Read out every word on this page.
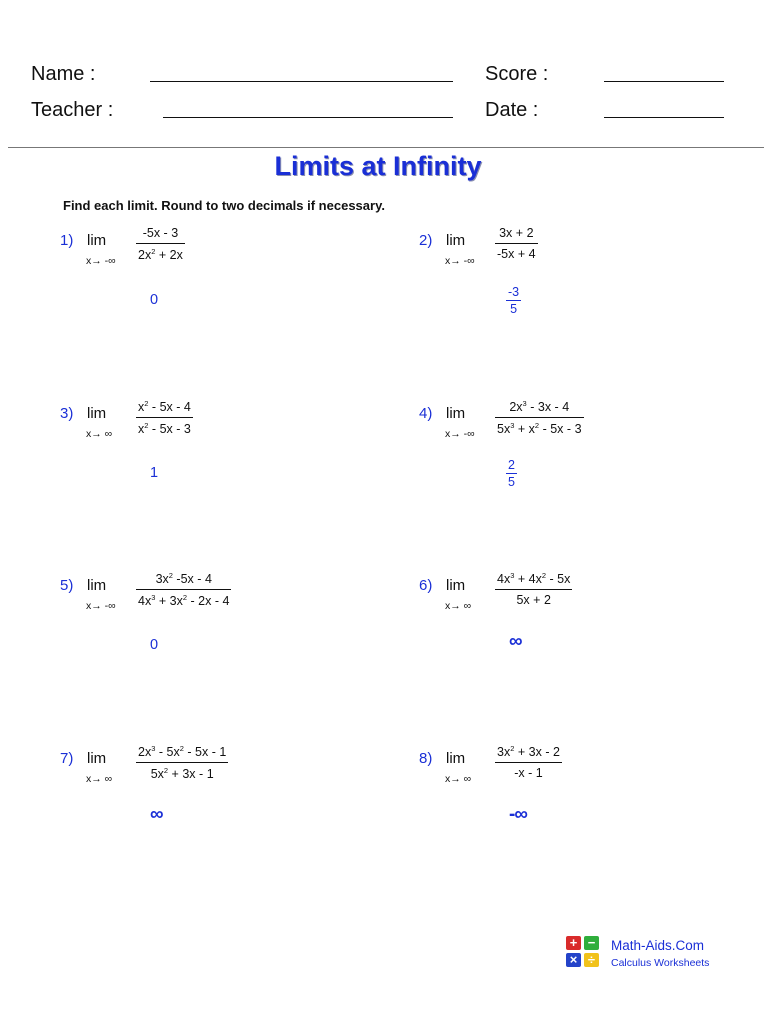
Name :	Score :
Teacher :	Date :
Limits at Infinity
Find each limit. Round to two decimals if necessary.
1) lim
x→ -∞ $\frac{-5x - 3}{2x^2 + 2x}$
0
2) lim
x→ -∞ $\frac{3x + 2}{-5x + 4}$
$\frac{-3}{5}$
3) lim
x→ ∞ $\frac{x^2 - 5x - 4}{x^2 - 5x - 3}$
1
4) lim
x→ -∞ $\frac{2x^3 - 3x - 4}{5x^3 + x^2 - 5x - 3}$
$\frac{2}{5}$
5) lim
x→ -∞ $\frac{3x^2 -5x - 4}{4x^3 + 3x^2 - 2x - 4}$
0
6) lim
x→ ∞ $\frac{4x^3 + 4x^2 - 5x}{5x + 2}$
∞
7) lim
x→ ∞ $\frac{2x^3 - 5x^2 - 5x - 1}{5x^2 + 3x - 1}$
∞
8) lim
x→ ∞ $\frac{3x^2 + 3x - 2}{-x - 1}$
-∞
+ −
× ÷
Math-Aids.Com
Calculus Worksheets
